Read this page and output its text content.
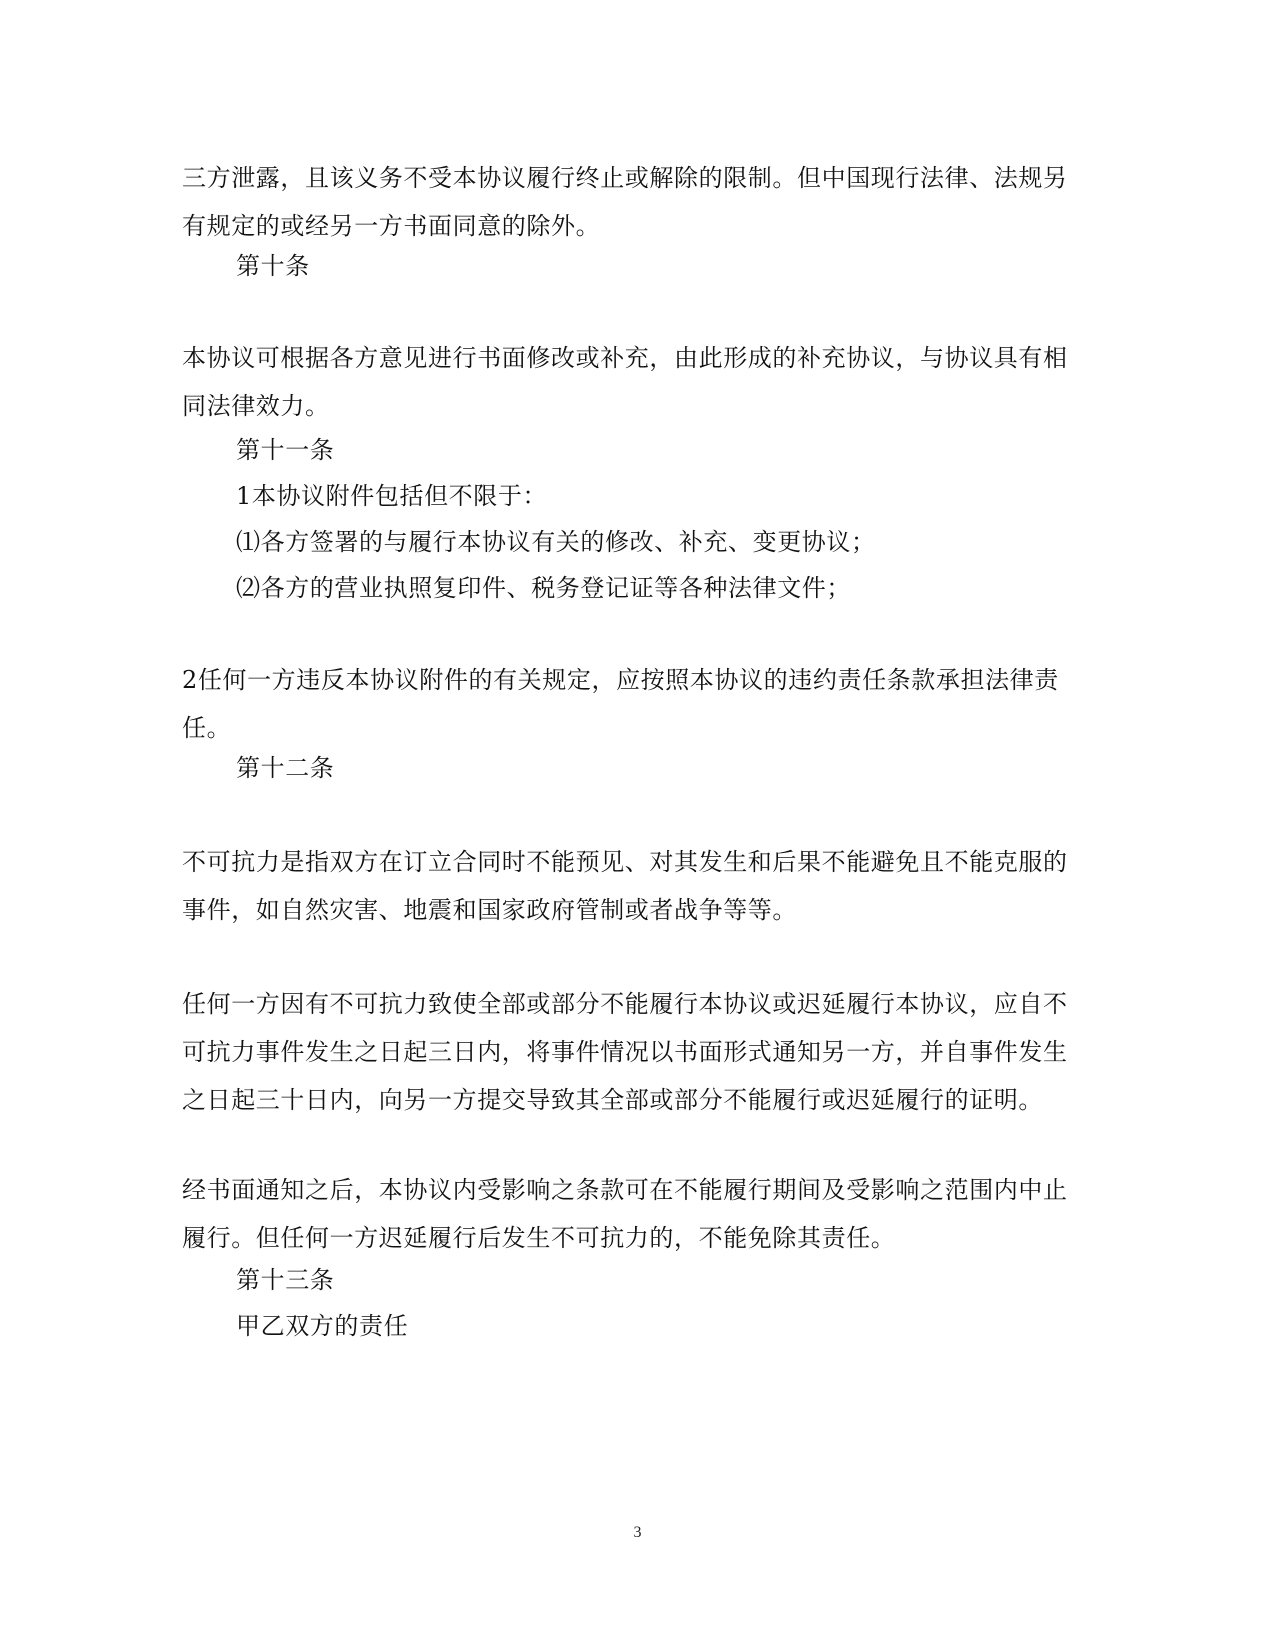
三方泄露，且该义务不受本协议履行终止或解除的限制。但中国现行法律、法规另有规定的或经另一方书面同意的除外。

第十条

本协议可根据各方意见进行书面修改或补充，由此形成的补充协议，与协议具有相同法律效力。

第十一条

1本协议附件包括但不限于：

⑴各方签署的与履行本协议有关的修改、补充、变更协议；

⑵各方的营业执照复印件、税务登记证等各种法律文件；

2任何一方违反本协议附件的有关规定，应按照本协议的违约责任条款承担法律责任。

第十二条

不可抗力是指双方在订立合同时不能预见、对其发生和后果不能避免且不能克服的事件，如自然灾害、地震和国家政府管制或者战争等等。

任何一方因有不可抗力致使全部或部分不能履行本协议或迟延履行本协议，应自不可抗力事件发生之日起三日内，将事件情况以书面形式通知另一方，并自事件发生之日起三十日内，向另一方提交导致其全部或部分不能履行或迟延履行的证明。

经书面通知之后，本协议内受影响之条款可在不能履行期间及受影响之范围内中止履行。但任何一方迟延履行后发生不可抗力的，不能免除其责任。

第十三条

甲乙双方的责任

3
